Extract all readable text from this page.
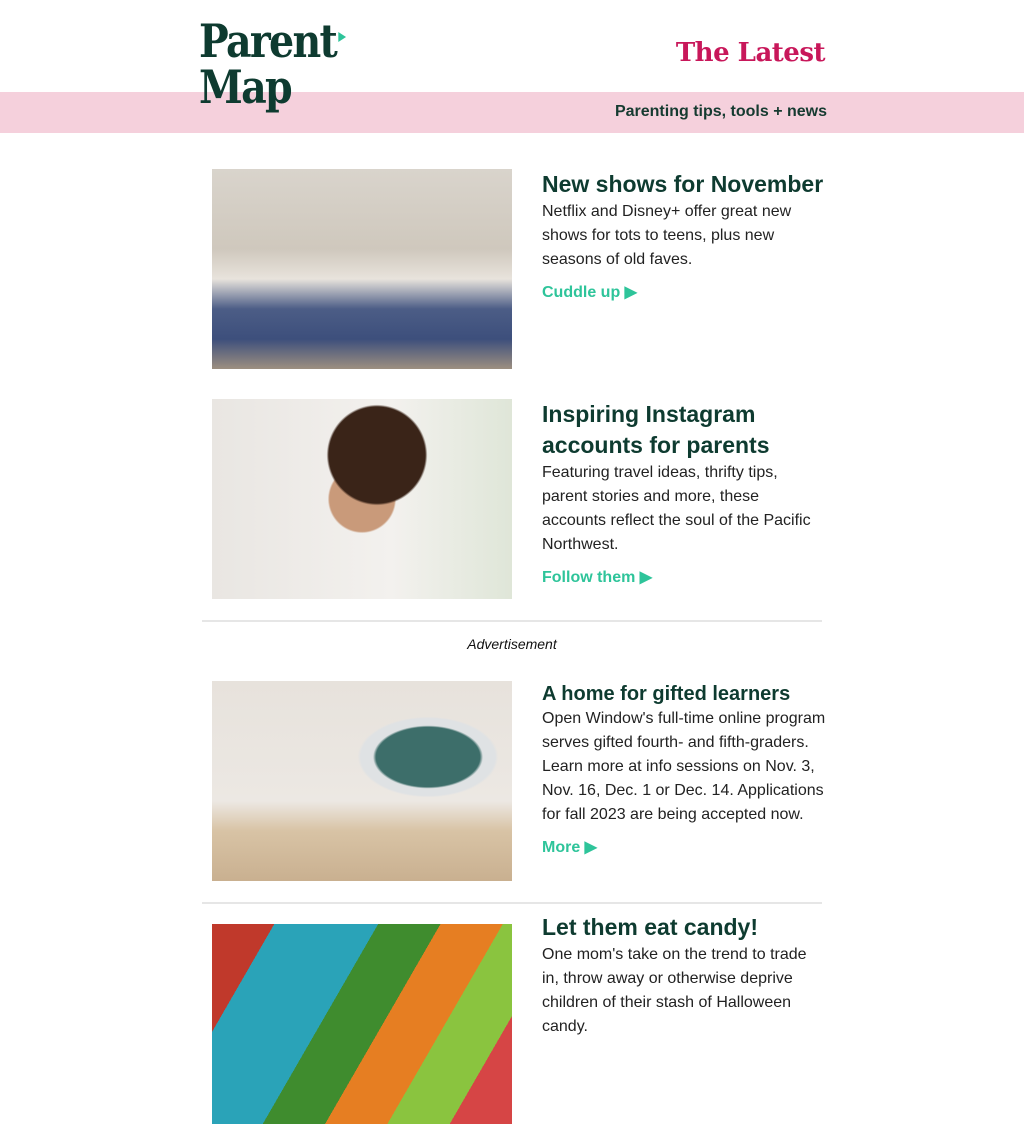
Parent
Map
The Latest
Parenting tips, tools + news
New shows for November

Netflix and Disney+ offer great new shows for tots to teens, plus new seasons of old faves.

Cuddle up ▶
Inspiring Instagram accounts for parents

Featuring travel ideas, thrifty tips, parent stories and more, these accounts reflect the soul of the Pacific Northwest.

Follow them ▶
Advertisement
A home for gifted learners

Open Window's full-time online program serves gifted fourth- and fifth-graders. Learn more at info sessions on Nov. 3, Nov. 16, Dec. 1 or Dec. 14. Applications for fall 2023 are being accepted now.

More ▶
Let them eat candy!

One mom's take on the trend to trade in, throw away or otherwise deprive children of their stash of Halloween candy.
